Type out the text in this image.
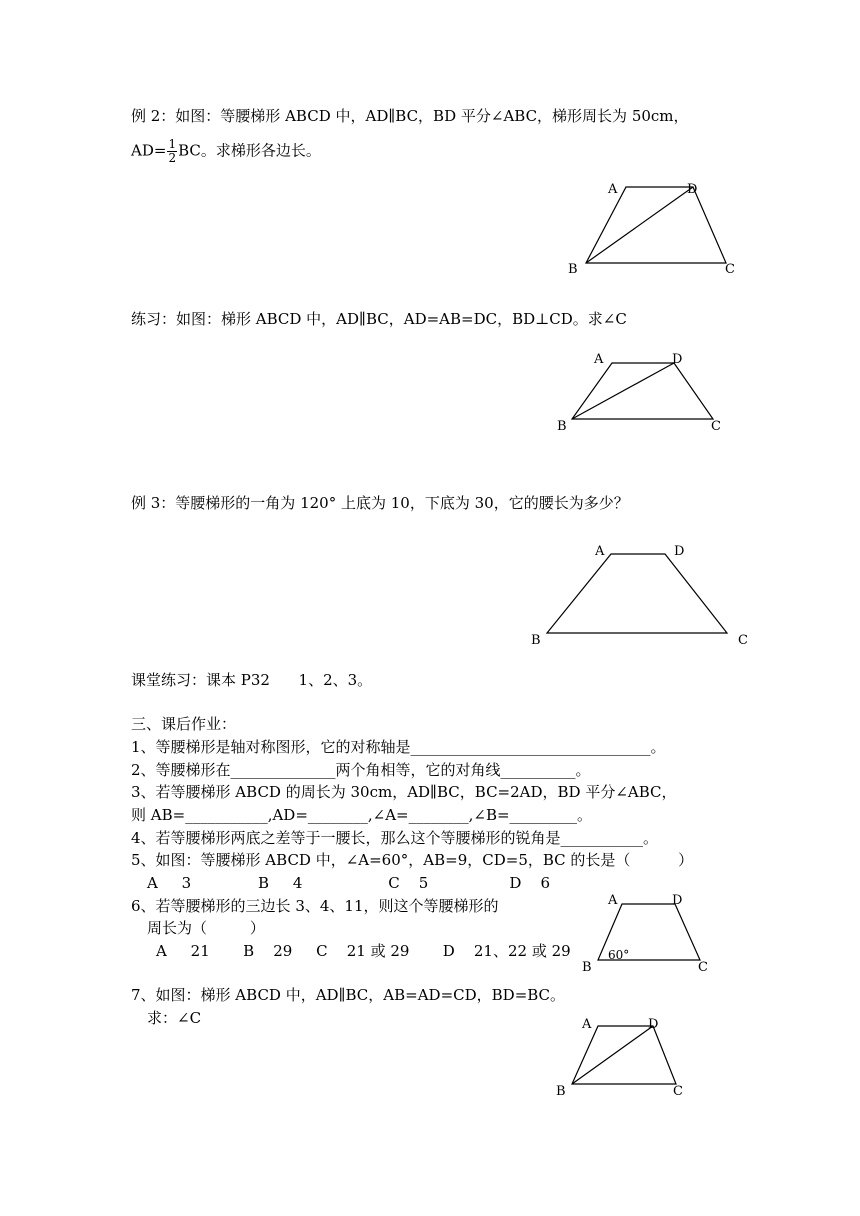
例 2：如图：等腰梯形 ABCD 中，AD∥BC，BD 平分∠ABC，梯形周长为 50cm，
$AD= \frac{1}{2}$ BC。求梯形各边长。
A	D
B	C
练习：如图：梯形 ABCD 中，AD∥BC，AD=AB=DC，BD⊥CD。求∠C
A	D
B	C
例 3：等腰梯形的一角为 120° 上底为 10，下底为 30，它的腰长为多少？
A	D
B	C
课堂练习：课本 P32      1、2、3。
三、课后作业：
1、等腰梯形是轴对称图形，它的对称轴是________________________________。
2、等腰梯形在______________两个角相等，它的对角线__________。
3、若等腰梯形 ABCD 的周长为 30cm，AD∥BC，BC=2AD，BD 平分∠ABC，
则 AB=___________,AD=________,∠A=________,∠B=_________。
4、若等腰梯形两底之差等于一腰长，那么这个等腰梯形的锐角是___________。
5、如图：等腰梯形 ABCD 中，∠A=60°，AB=9，CD=5，BC 的长是（          ）
A     3              B     4                  C    5                 D    6
6、若等腰梯形的三边长 3、4、11，则这个等腰梯形的
周长为（         ）
A     21       B    29     C    21 或 29       D    21、22 或 29
A	D
B	C
60°
7、如图：梯形 ABCD 中，AD∥BC，AB=AD=CD，BD=BC。
求：∠C	A	D
B	C
